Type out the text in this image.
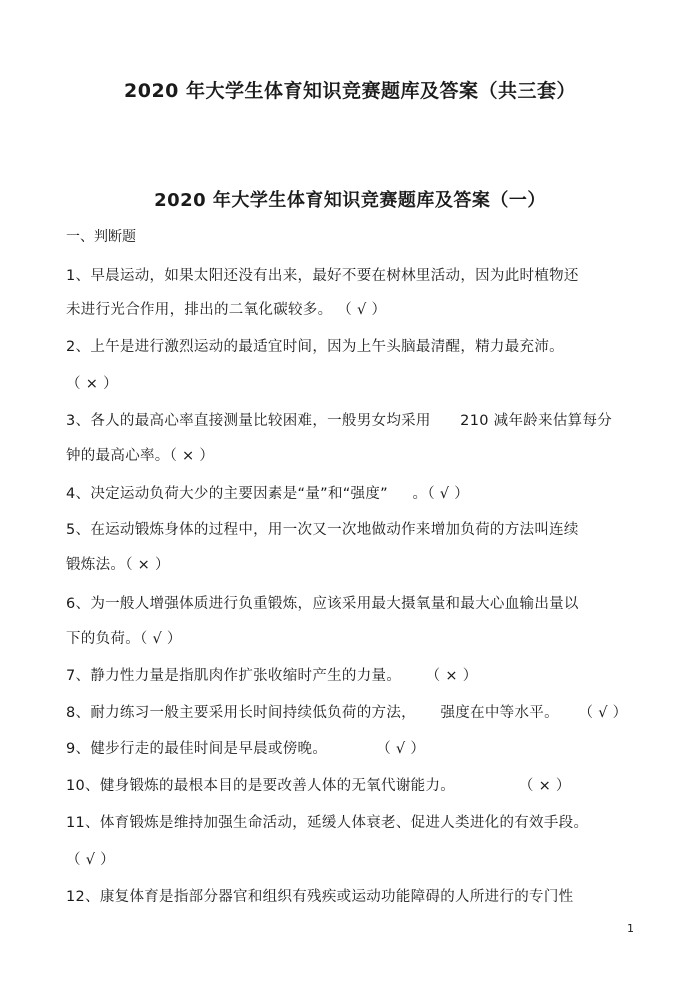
2020 年大学生体育知识竞赛题库及答案（共三套）
2020 年大学生体育知识竞赛题库及答案（一）
一、判断题
1、早晨运动，如果太阳还没有出来，最好不要在树林里活动，因为此时植物还
未进行光合作用，排出的二氧化碳较多。 （ √ ）
2、上午是进行激烈运动的最适宜时间，因为上午头脑最清醒，精力最充沛。
（ × ）
3、各人的最高心率直接测量比较困难，一般男女均采用      210 减年龄来估算每分
钟的最高心率。（ × ）
4、决定运动负荷大少的主要因素是“量”和“强度”     。（ √ ）
5、在运动锻炼身体的过程中，用一次又一次地做动作来增加负荷的方法叫连续
锻炼法。（ × ）
6、为一般人增强体质进行负重锻炼，应该采用最大摄氧量和最大心血输出量以
下的负荷。（ √ ）
7、静力性力量是指肌肉作扩张收缩时产生的力量。     （ × ）
8、耐力练习一般主要采用长时间持续低负荷的方法，     强度在中等水平。    （ √ ）
9、健步行走的最佳时间是早晨或傍晚。          （ √ ）
10、健身锻炼的最根本目的是要改善人体的无氧代谢能力。             （ × ）
11、体育锻炼是维持加强生命活动，延缓人体衰老、促进人类进化的有效手段。
（ √ ）
12、康复体育是指部分器官和组织有残疾或运动功能障碍的人所进行的专门性
1
